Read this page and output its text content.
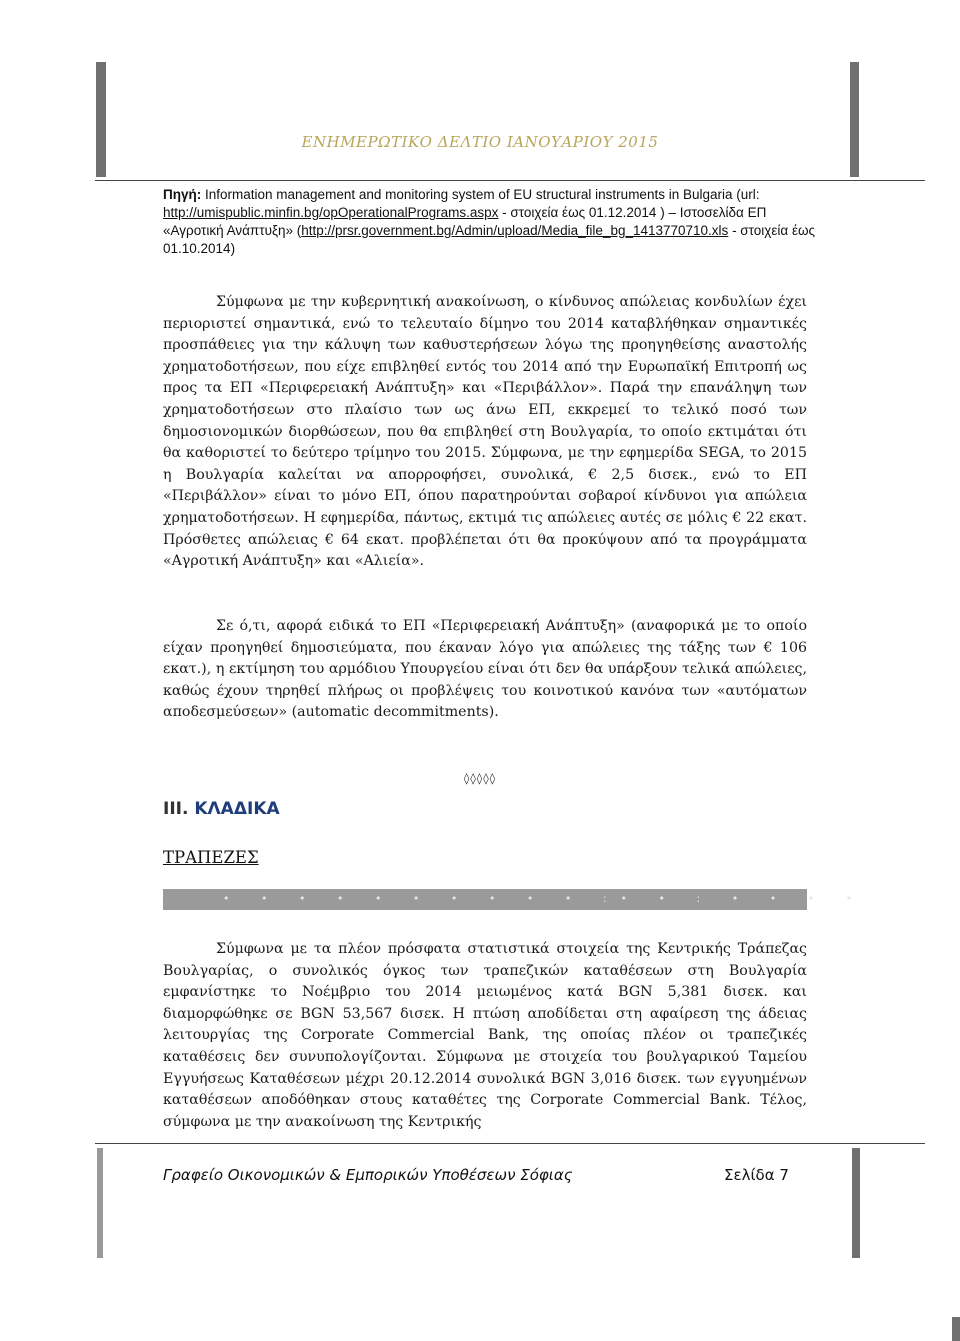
ΕΝΗΜΕΡΩΤΙΚΟ ΔΕΛΤΙΟ ΙΑΝΟΥΑΡΙΟΥ 2015
Πηγή: Information management and monitoring system of EU structural instruments in Bulgaria (url: http://umispublic.minfin.bg/opOperationalPrograms.aspx - στοιχεία έως 01.12.2014 ) – Ιστοσελίδα ΕΠ «Αγροτική Ανάπτυξη» (http://prsr.government.bg/Admin/upload/Media_file_bg_1413770710.xls - στοιχεία έως 01.10.2014)
Σύμφωνα με την κυβερνητική ανακοίνωση, ο κίνδυνος απώλειας κονδυλίων έχει περιοριστεί σημαντικά, ενώ το τελευταίο δίμηνο του 2014 καταβλήθηκαν σημαντικές προσπάθειες για την κάλυψη των καθυστερήσεων λόγω της προηγηθείσης αναστολής χρηματοδοτήσεων, που είχε επιβληθεί εντός του 2014 από την Ευρωπαϊκή Επιτροπή ως προς τα ΕΠ «Περιφερειακή Ανάπτυξη» και «Περιβάλλον». Παρά την επανάληψη των χρηματοδοτήσεων στο πλαίσιο των ως άνω ΕΠ, εκκρεμεί το τελικό ποσό των δημοσιονομικών διορθώσεων, που θα επιβληθεί στη Βουλγαρία, το οποίο εκτιμάται ότι θα καθοριστεί το δεύτερο τρίμηνο του 2015. Σύμφωνα, με την εφημερίδα SEGA, το 2015 η Βουλγαρία καλείται να απορροφήσει, συνολικά, € 2,5 δισεκ., ενώ το ΕΠ «Περιβάλλον» είναι το μόνο ΕΠ, όπου παρατηρούνται σοβαροί κίνδυνοι για απώλεια χρηματοδοτήσεων. Η εφημερίδα, πάντως, εκτιμά τις απώλειες αυτές σε μόλις € 22 εκατ. Πρόσθετες απώλειας € 64 εκατ. προβλέπεται ότι θα προκύψουν από τα προγράμματα «Αγροτική Ανάπτυξη» και «Αλιεία».
Σε ό,τι, αφορά ειδικά το ΕΠ «Περιφερειακή Ανάπτυξη» (αναφορικά με το οποίο είχαν προηγηθεί δημοσιεύματα, που έκαναν λόγο για απώλειες της τάξης των € 106 εκατ.), η εκτίμηση του αρμόδιου Υπουργείου είναι ότι δεν θα υπάρξουν τελικά απώλειες, καθώς έχουν τηρηθεί πλήρως οι προβλέψεις του κοινοτικού κανόνα των «αυτόματων αποδεσμεύσεων» (automatic decommitments).
◊◊◊◊◊
III. ΚΛΑΔΙΚΑ
ΤΡΑΠΕΖΕΣ
• • • • • • • • • • :• • : • • • •
Σύμφωνα με τα πλέον πρόσφατα στατιστικά στοιχεία της Κεντρικής Τράπεζας Βουλγαρίας, ο συνολικός όγκος των τραπεζικών καταθέσεων στη Βουλγαρία εμφανίστηκε το Νοέμβριο του 2014 μειωμένος κατά BGN 5,381 δισεκ. και διαμορφώθηκε σε BGN 53,567 δισεκ. Η πτώση αποδίδεται στη αφαίρεση της άδειας λειτουργίας της Corporate Commercial Bank, της οποίας πλέον οι τραπεζικές καταθέσεις δεν συνυπολογίζονται. Σύμφωνα με στοιχεία του βουλγαρικού Ταμείου Εγγυήσεως Καταθέσεων μέχρι 20.12.2014 συνολικά BGN 3,016 δισεκ. των εγγυημένων καταθέσεων αποδόθηκαν στους καταθέτες της Corporate Commercial Bank. Τέλος, σύμφωνα με την ανακοίνωση της Κεντρικής
Γραφείο Οικονομικών & Εμπορικών Υποθέσεων Σόφιας	Σελίδα 7
